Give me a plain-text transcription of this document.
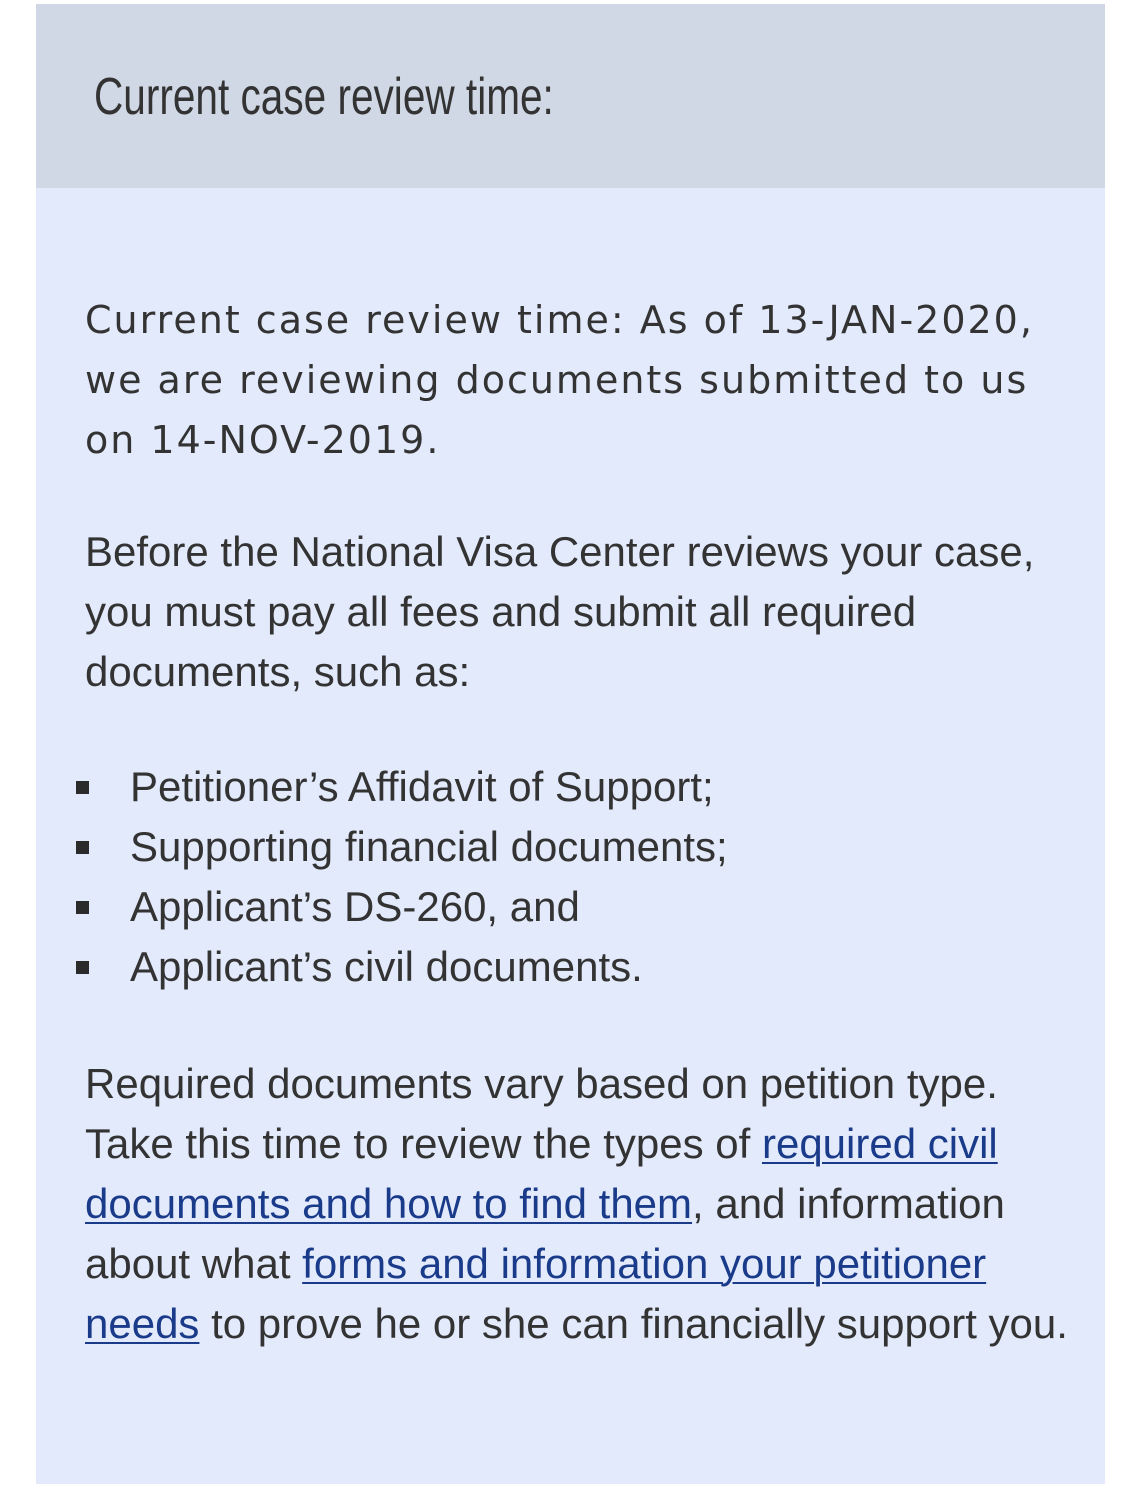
Current case review time:

Current case review time: As of 13-JAN-2020, we are reviewing documents submitted to us on 14-NOV-2019.

Before the National Visa Center reviews your case, you must pay all fees and submit all required documents, such as:

Petitioner’s Affidavit of Support;
Supporting financial documents;
Applicant’s DS-260, and
Applicant’s civil documents.

Required documents vary based on petition type. Take this time to review the types of required civil documents and how to find them, and information about what forms and information your petitioner needs to prove he or she can financially support you.
